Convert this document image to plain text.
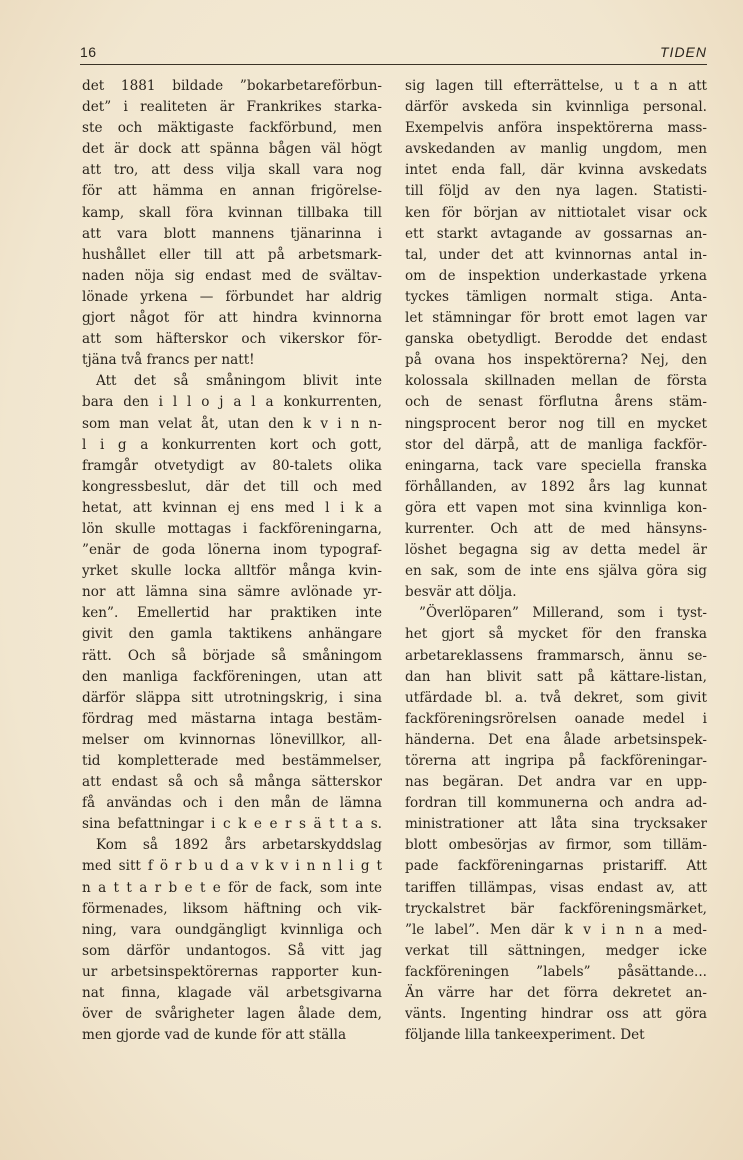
16	TIDEN
det 1881 bildade ”bokarbetareförbun-
det” i realiteten är Frankrikes starka-
ste och mäktigaste fackförbund, men
det är dock att spänna bågen väl högt
att tro, att dess vilja skall vara nog
för att hämma en annan frigörelse-
kamp, skall föra kvinnan tillbaka till
att vara blott mannens tjänarinna i
hushållet eller till att på arbetsmark-
naden nöja sig endast med de svältav-
lönade yrkena — förbundet har aldrig
gjort något för att hindra kvinnorna
att som häfterskor och vikerskor för-
tjäna två francs per natt!
Att det så småningom blivit inte
bara den i l l o j a l a konkurrenten,
som man velat åt, utan den k v i n n-
l i g a konkurrenten kort och gott,
framgår otvetydigt av 80-talets olika
kongressbeslut, där det till och med
hetat, att kvinnan ej ens med l i k a
lön skulle mottagas i fackföreningarna,
”enär de goda lönerna inom typograf-
yrket skulle locka alltför många kvin-
nor att lämna sina sämre avlönade yr-
ken”. Emellertid har praktiken inte
givit den gamla taktikens anhängare
rätt. Och så började så småningom
den manliga fackföreningen, utan att
därför släppa sitt utrotningskrig, i sina
fördrag med mästarna intaga bestäm-
melser om kvinnornas lönevillkor, all-
tid kompletterade med bestämmelser,
att endast så och så många sätterskor
få användas och i den mån de lämna
sina befattningar i c k e e r s ä t t a s.
Kom så 1892 års arbetarskyddslag
med sitt f ö r b u d a v k v i n n l i g t
n a t t a r b e t e för de fack, som inte
förmenades, liksom häftning och vik-
ning, vara oundgängligt kvinnliga och
som därför undantogos. Så vitt jag
ur arbetsinspektörernas rapporter kun-
nat finna, klagade väl arbetsgivarna
över de svårigheter lagen ålade dem,
men gjorde vad de kunde för att ställa
sig lagen till efterrättelse, u t a n att
därför avskeda sin kvinnliga personal.
Exempelvis anföra inspektörerna mass-
avskedanden av manlig ungdom, men
intet enda fall, där kvinna avskedats
till följd av den nya lagen. Statisti-
ken för början av nittiotalet visar ock
ett starkt avtagande av gossarnas an-
tal, under det att kvinnornas antal in-
om de inspektion underkastade yrkena
tyckes tämligen normalt stiga. Anta-
let stämningar för brott emot lagen var
ganska obetydligt. Berodde det endast
på ovana hos inspektörerna? Nej, den
kolossala skillnaden mellan de första
och de senast förflutna årens stäm-
ningsprocent beror nog till en mycket
stor del därpå, att de manliga fackför-
eningarna, tack vare speciella franska
förhållanden, av 1892 års lag kunnat
göra ett vapen mot sina kvinnliga kon-
kurrenter. Och att de med hänsyns-
löshet begagna sig av detta medel är
en sak, som de inte ens själva göra sig
besvär att dölja.
”Överlöparen” Millerand, som i tyst-
het gjort så mycket för den franska
arbetareklassens frammarsch, ännu se-
dan han blivit satt på kättare-listan,
utfärdade bl. a. två dekret, som givit
fackföreningsrörelsen oanade medel i
händerna. Det ena ålade arbetsinspek-
törerna att ingripa på fackföreningar-
nas begäran. Det andra var en upp-
fordran till kommunerna och andra ad-
ministrationer att låta sina trycksaker
blott ombesörjas av firmor, som tilläm-
pade fackföreningarnas pristariff. Att
tariffen tillämpas, visas endast av, att
tryckalstret bär fackföreningsmärket,
”le label”. Men där k v i n n a med-
verkat till sättningen, medger icke
fackföreningen ”labels” påsättande...
Än värre har det förra dekretet an-
vänts. Ingenting hindrar oss att göra
följande lilla tankeexperiment. Det
